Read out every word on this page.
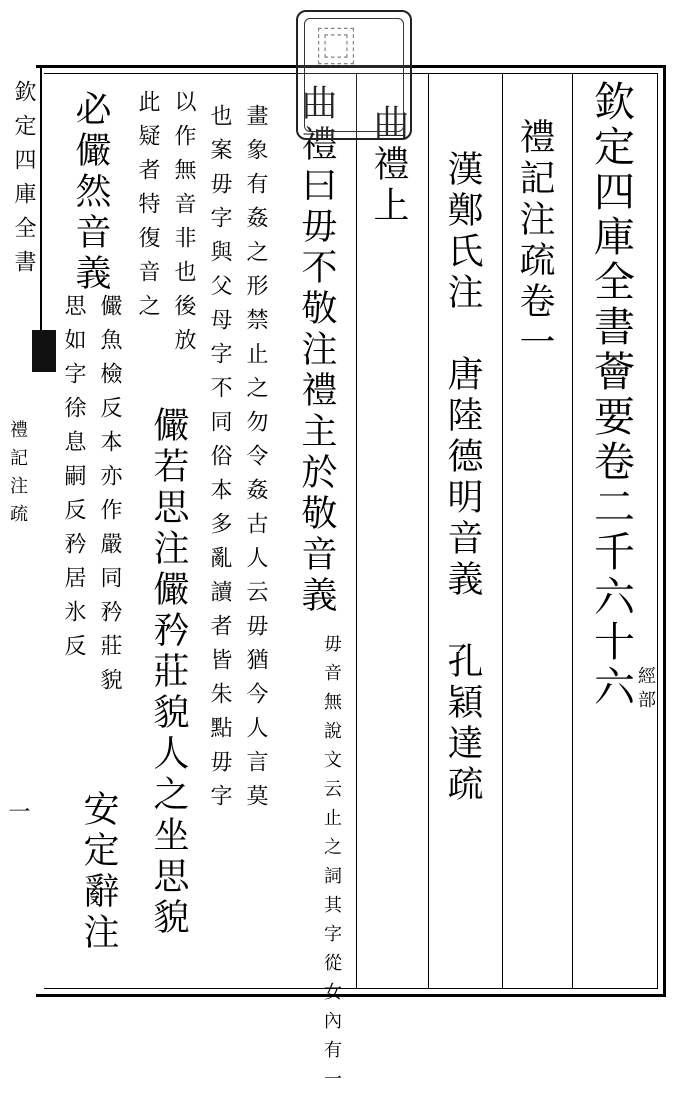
欽定四庫全書
禮記注疏
一
欽定四庫全書薈要卷二千六十六 經部
禮記注疏卷一
漢鄭氏注　唐陸德明音義　孔穎達疏
曲禮上
曲禮曰毋不敬注禮主於敬音義
毋音無說文云止之詞其字從女內有一
畫象有姦之形禁止之勿令姦古人云毋猶今人言莫
也案毋字與父母字不同俗本多亂讀者皆朱點毋字
以作無音非也後放
此疑者特復音之
儼若思注儼矜莊貌人之坐思貌
必儼然音義
儼魚檢反本亦作嚴同矜莊貌
思如字徐息嗣反矜居氷反
安定辭注
⿴
